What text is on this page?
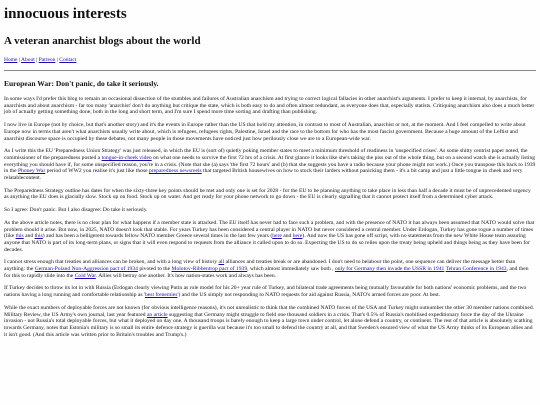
innocuous interests
A veteran anarchist blogs about the world
Home | About | Patreon | Contact
European War: Don't panic, do take it seriously.

In some ways I'd prefer this blog to remain an occasional dissection of the stumbles and failures of Australian anarchism and trying to correct logical fallacies in other anarchist's arguments. I prefer to keep it internal, by anarchists, for anarchists and about anarchism - far too many 'anarchist' don't do anything but critique the state, which is both easy to do and often almost redundant, as everyone does that, especially statists. Critiquing anarchism also does a much better job of actually getting something done, both in the long and short term, and I'm sure I spend more time sorting and drafting than publishing.

I now live in Europe (not by choice, but that's another story) and it's the events in Europe rather than the US that hold my attention, in contrast to most of Australian, anarchist or not, at the moment. And I feel compelled to write about Europe now in terms that aren't what anarchists usually write about, which is refugees, refugees rights, Palestine, Israel and the race to the bottom for who has the most fascist government. Because a huge amount of the Leftist and anarchist discourse space is occupied by these debates, not many people in those movements have noticed just how perilously close we are to a European-wide war.

As I write this the EU 'Preparedness Union Strategy' was just released, in which the EU is (sort of) quietly poking member states to meet a minimum threshold of readiness in 'unspecified crises'. As some shitty centrist paper noted, the commissioner of the preparedness posted a tongue-in-cheek video on what one needs to survive the first 72 hrs of a crisis. At first glance it looks like she's taking the piss out of the whole thing, but on a second watch she is actually listing everything you should have if, for some unspecified reason, you're in a crisis. (Note that she (a) says 'the first 72 hours' and (b) that she suggests you have a radio because your phone might not work.) Once you transpose this back to 1939 in the Phoney War period of WW2 you realise it's just like those preparedness newsreels that targeted British housewives on how to stock their larders without panicking them - it's a bit camp and just a little tongue in cheek and very relatablecontent.

The Preparedness Strategy outline has dates for when the sixty-three key points should be met and only one is set for 2028 - for the EU to be planning anything to take place in less than half a decade it must be of unprecedented urgency as anything the EU does is glacially slow. Stock up on food. Stock up on water. And get ready for your phone network to go down - the EU is clearly signalling that it cannot protect itself from a determined cyber attack.

So I agree: Don't panic. But I also disagree: Do take it seriously.

As the above article notes, there is no clear plan for what happens if a member state is attacked. The EU itself has never had to face such a problem, and with the presence of NATO it has always been assumed that NATO would solve that problem should it arise. But now, in 2025, NATO doesn't look that stable. For years Turkey has been considered a central player in NATO but never considered a central member. Under Erdogan, Turkey has gone rogue a number of times (like this and this) and has been a belligerent towards fellow NATO member Greece several times in the last few years (here and here). And now the US has gone off script, with no statements from the new White House team assuring anyone that NATO is part of its long-term plans, or signs that it will even respond to requests from the alliance it called upon to do so. Expecting the US to do so relies upon the treaty being upheld and things being as they have been for decades.

I cannot stress enough that treaties and alliances can be broken, and with a long view of history all alliances and treaties break or are abandoned. I don't need to belabour the point, one sequence can deliver the message better than anything: the German-Poland Non-Aggression pact of 1934 pivoted to the Molotov-Ribbentrop pact of 1939, which almost immediately saw both , only for Germany then invade the USSR in 1941 Tehran Conference in 1943, and then for this to rapidly slide into the Cold War. Allies will betray one another. It's how nation-states work and always has been.

If Turkey decides to throw its lot in with Russia (Erdogan clearly viewing Putin as role model for his 20+ year rule of Turkey, and bilateral trade agreements being mutually favourable for both nations' economic problems, and the two nations having a long running and comfortable relationship as 'best frenemies') and the US simply not responding to NATO requests for aid against Russia, NATO's armed forces are poor. At best.

While the exact numbers of deployable forces are not known (for obvious intelligence reasons), it's not unrealistic to think that the combined NATO forces of the USA and Turkey might outnumber the other 30 member nations combined. Military Review, the US Army's own journal, last year featured an article suggesting that Germany might struggle to field one thousand soldiers in a crisis. That's 0.5% of Russia's mobilised expeditionary force the day of the Ukraine invasion - not Russia's total deployable forces, but what it deployed on day one. A thousand troops is barely enough to keep a large town under control, let alone defend a country, or continent. The rest of that article is absolutely scathing towards Germany, notes that Estonia's military is so small its entire defence strategy is guerilla war because it's too small to defend the country at all, and that Sweden's ensured view of what the US Army thinks of its European allies and it isn't good. (And this article was written prior to Britain's troubles and Trump's.)
